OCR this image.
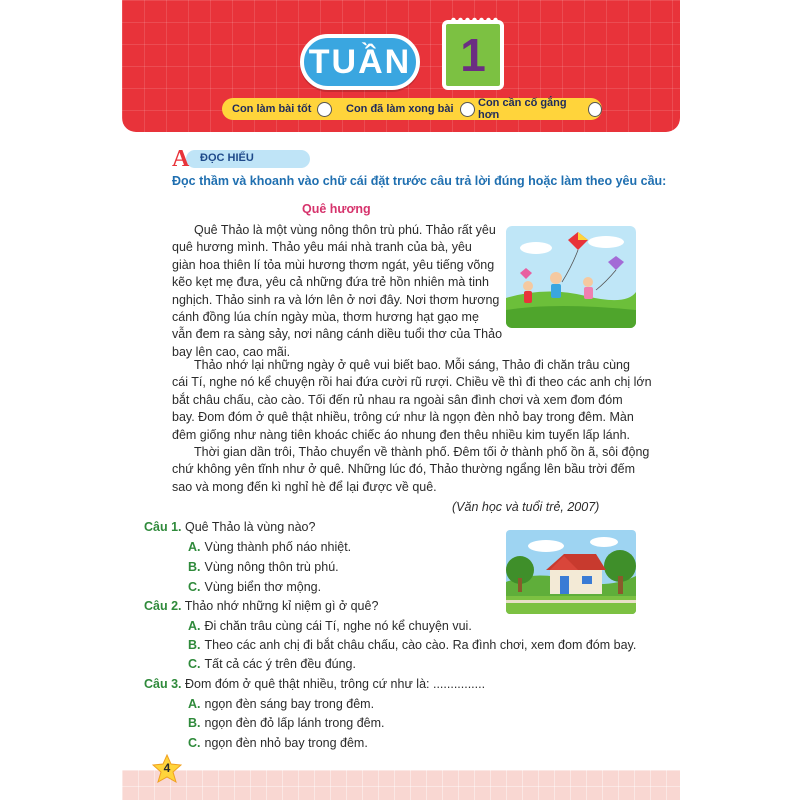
TUẦN	1
Con làm bài tốt	Con đã làm xong bài Con cần cố gắng hơn
A ĐỌC HIỂU
Đọc thầm và khoanh vào chữ cái đặt trước câu trả lời đúng hoặc làm theo yêu cầu:
Quê hương
Quê Thảo là một vùng nông thôn trù phú. Thảo rất yêu
quê hương mình. Thảo yêu mái nhà tranh của bà, yêu
giàn hoa thiên lí tỏa mùi hương thơm ngát, yêu tiếng võng
kẽo kẹt mẹ đưa, yêu cả những đứa trẻ hồn nhiên mà tinh
nghịch. Thảo sinh ra và lớn lên ở nơi đây. Nơi thơm hương
cánh đồng lúa chín ngày mùa, thơm hương hạt gạo mẹ
vẫn đem ra sàng sảy, nơi nâng cánh diều tuổi thơ của Thảo
bay lên cao, cao mãi.
Thảo nhớ lại những ngày ở quê vui biết bao. Mỗi sáng, Thảo đi chăn trâu cùng
cái Tí, nghe nó kể chuyện rồi hai đứa cười rũ rượi. Chiều về thì đi theo các anh chị lớn
bắt châu chấu, cào cào. Tối đến rủ nhau ra ngoài sân đình chơi và xem đom đóm
bay. Đom đóm ở quê thật nhiều, trông cứ như là ngọn đèn nhỏ bay trong đêm. Màn
đêm giống như nàng tiên khoác chiếc áo nhung đen thêu nhiều kim tuyến lấp lánh.
Thời gian dần trôi, Thảo chuyển về thành phố. Đêm tối ở thành phố ồn ã, sôi động
chứ không yên tĩnh như ở quê. Những lúc đó, Thảo thường ngẩng lên bầu trời đếm
sao và mong đến kì nghỉ hè để lại được về quê.
(Văn học và tuổi trẻ, 2007)
Câu 1. Quê Thảo là vùng nào?
A. Vùng thành phố náo nhiệt.
B. Vùng nông thôn trù phú.
C. Vùng biển thơ mộng.
Câu 2. Thảo nhớ những kỉ niệm gì ở quê?
A. Đi chăn trâu cùng cái Tí, nghe nó kể chuyện vui.
B. Theo các anh chị đi bắt châu chấu, cào cào. Ra đình chơi, xem đom đóm bay.
C. Tất cả các ý trên đều đúng.
Câu 3. Đom đóm ở quê thật nhiều, trông cứ như là: ...............
A. ngọn đèn sáng bay trong đêm.
B. ngọn đèn đỏ lấp lánh trong đêm.
C. ngọn đèn nhỏ bay trong đêm.
4
